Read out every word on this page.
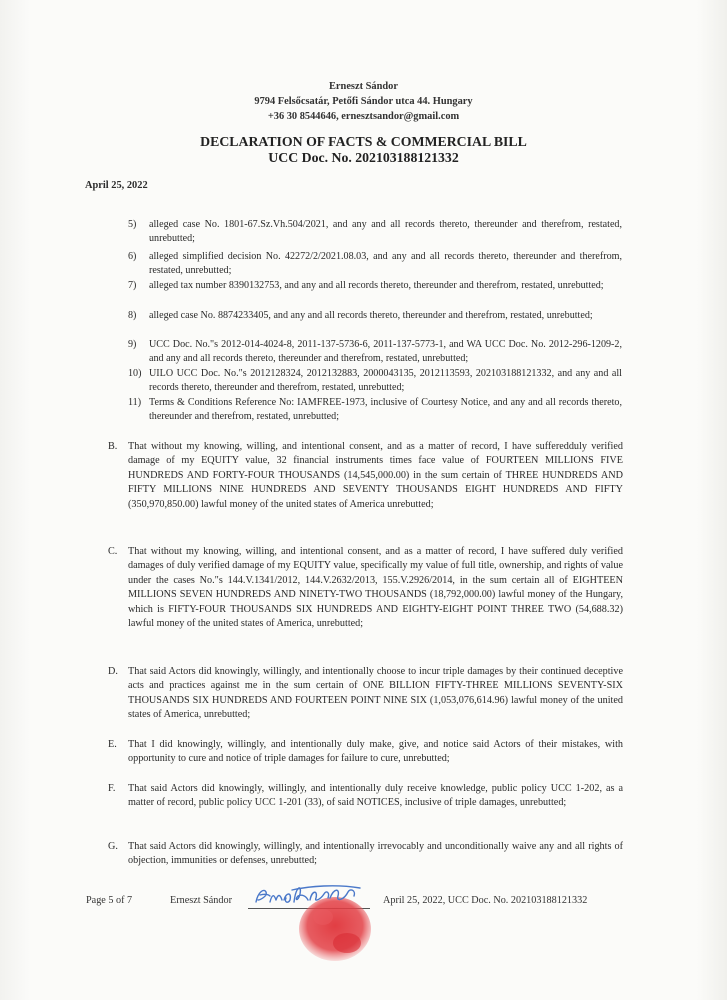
Erneszt Sándor
9794 Felsőcsatár, Petőfi Sándor utca 44. Hungary
+36 30 8544646, ernesztsandor@gmail.com
DECLARATION OF FACTS & COMMERCIAL BILL
UCC Doc. No. 202103188121332
April 25, 2022
5)	alleged case No. 1801-67.Sz.Vh.504/2021, and any and all records thereto, thereunder and therefrom, restated, unrebutted;
6)	alleged simplified decision No. 42272/2/2021.08.03, and any and all records thereto, thereunder and therefrom, restated, unrebutted;
7)	alleged tax number 8390132753, and any and all records thereto, thereunder and therefrom, restated, unrebutted;
8)	alleged case No. 8874233405, and any and all records thereto, thereunder and therefrom, restated, unrebutted;
9)	UCC Doc. No."s 2012-014-4024-8, 2011-137-5736-6, 2011-137-5773-1, and WA UCC Doc. No. 2012-296-1209-2, and any and all records thereto, thereunder and therefrom, restated, unrebutted;
10) UILO UCC Doc. No."s 2012128324, 2012132883, 2000043135, 2012113593, 202103188121332, and any and all records thereto, thereunder and therefrom, restated, unrebutted;
11) Terms & Conditions Reference No: IAMFREE-1973, inclusive of Courtesy Notice, and any and all records thereto, thereunder and therefrom, restated, unrebutted;
B.	That without my knowing, willing, and intentional consent, and as a matter of record, I have sufferedduly verified damage of my EQUITY value, 32 financial instruments times face value of FOURTEEN MILLIONS FIVE HUNDREDS AND FORTY-FOUR THOUSANDS (14,545,000.00) in the sum certain of THREE HUNDREDS AND FIFTY MILLIONS NINE HUNDREDS AND SEVENTY THOUSANDS EIGHT HUNDREDS AND FIFTY (350,970,850.00) lawful money of the united states of America unrebutted;
C.	That without my knowing, willing, and intentional consent, and as a matter of record, I have suffered duly verified damages of duly verified damage of my EQUITY value, specifically my value of full title, ownership, and rights of value under the cases No."s 144.V.1341/2012, 144.V.2632/2013, 155.V.2926/2014, in the sum certain all of EIGHTEEN MILLIONS SEVEN HUNDREDS AND NINETY-TWO THOUSANDS (18,792,000.00) lawful money of the Hungary, which is FIFTY-FOUR THOUSANDS SIX HUNDREDS AND EIGHTY-EIGHT POINT THREE TWO (54,688.32) lawful money of the united states of America, unrebutted;
D. That said Actors did knowingly, willingly, and intentionally choose to incur triple damages by their continued deceptive acts and practices against me in the sum certain of ONE BILLION FIFTY-THREE MILLIONS SEVENTY-SIX THOUSANDS SIX HUNDREDS AND FOURTEEN POINT NINE SIX (1,053,076,614.96) lawful money of the united states of America, unrebutted;
E.	That I did knowingly, willingly, and intentionally duly make, give, and notice said Actors of their mistakes, with opportunity to cure and notice of triple damages for failure to cure, unrebutted;
F.	That said Actors did knowingly, willingly, and intentionally duly receive knowledge, public policy UCC 1-202, as a matter of record, public policy UCC 1-201 (33), of said NOTICES, inclusive of triple damages, unrebutted;
G. That said Actors did knowingly, willingly, and intentionally irrevocably and unconditionally waive any and all rights of objection, immunities or defenses, unrebutted;
Page 5 of 7	Erneszt Sándor	April 25, 2022, UCC Doc. No. 202103188121332
